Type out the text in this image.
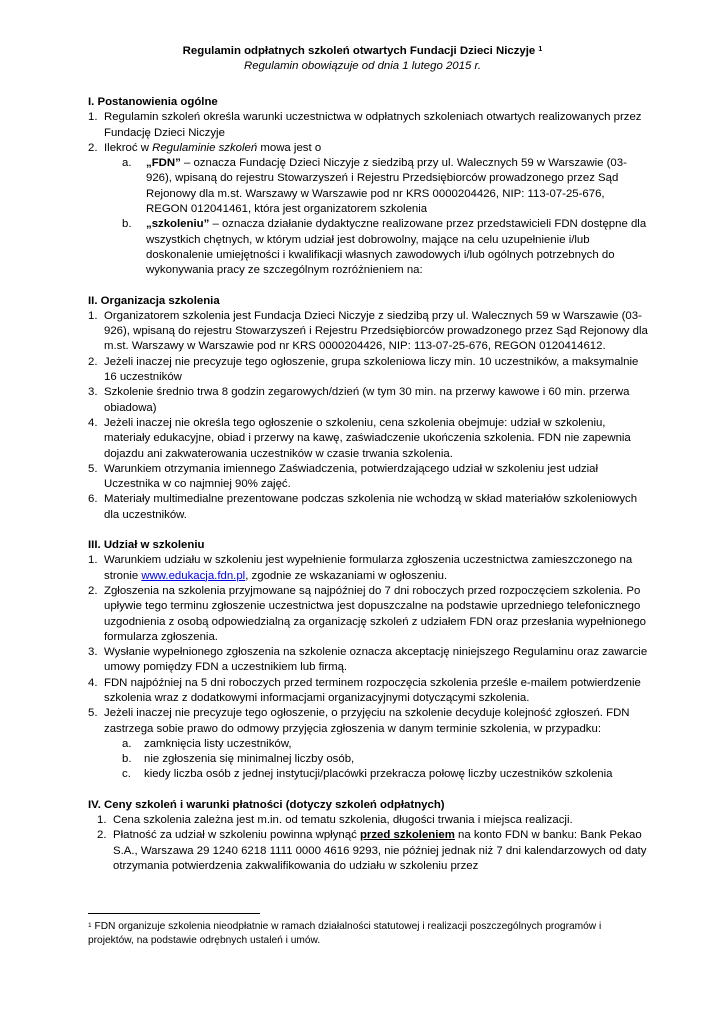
Regulamin odpłatnych szkoleń otwartych Fundacji Dzieci Niczyje $^1$
Regulamin obowiązuje od dnia 1 lutego 2015 r.
I. Postanowienia ogólne
1. Regulamin szkoleń określa warunki uczestnictwa w odpłatnych szkoleniach otwartych realizowanych przez Fundację Dzieci Niczyje
2. Ilekroć w Regulaminie szkoleń mowa jest o
a. „FDN” – oznacza Fundację Dzieci Niczyje z siedzibą przy ul. Walecznych 59 w Warszawie (03-926), wpisaną do rejestru Stowarzyszeń i Rejestru Przedsiębiorców prowadzonego przez Sąd Rejonowy dla m.st. Warszawy w Warszawie pod nr KRS 0000204426, NIP: 113-07-25-676, REGON 012041461, która jest organizatorem szkolenia
b. „szkoleniu” – oznacza działanie dydaktyczne realizowane przez przedstawicieli FDN dostępne dla wszystkich chętnych, w którym udział jest dobrowolny, mające na celu uzupełnienie i/lub doskonalenie umiejętności i kwalifikacji własnych zawodowych i/lub ogólnych potrzebnych do wykonywania pracy ze szczególnym rozróżnieniem na:
II. Organizacja szkolenia
1. Organizatorem szkolenia jest Fundacja Dzieci Niczyje z siedzibą przy ul. Walecznych 59 w Warszawie (03-926), wpisaną do rejestru Stowarzyszeń i Rejestru Przedsiębiorców prowadzonego przez Sąd Rejonowy dla m.st. Warszawy w Warszawie pod nr KRS 0000204426, NIP: 113-07-25-676, REGON 0120414612.
2. Jeżeli inaczej nie precyzuje tego ogłoszenie, grupa szkoleniowa liczy min. 10 uczestników, a maksymalnie 16 uczestników
3. Szkolenie średnio trwa 8 godzin zegarowych/dzień (w tym 30 min. na przerwy kawowe i 60 min. przerwa obiadowa)
4. Jeżeli inaczej nie określa tego ogłoszenie o szkoleniu, cena szkolenia obejmuje: udział w szkoleniu, materiały edukacyjne, obiad i przerwy na kawę, zaświadczenie ukończenia szkolenia. FDN nie zapewnia dojazdu ani zakwaterowania uczestników w czasie trwania szkolenia.
5. Warunkiem otrzymania imiennego Zaświadczenia, potwierdzającego udział w szkoleniu jest udział Uczestnika w co najmniej 90% zajęć.
6. Materiały multimedialne prezentowane podczas szkolenia nie wchodzą w skład materiałów szkoleniowych dla uczestników.
III. Udział w szkoleniu
1. Warunkiem udziału w szkoleniu jest wypełnienie formularza zgłoszenia uczestnictwa zamieszczonego na stronie www.edukacja.fdn.pl, zgodnie ze wskazaniami w ogłoszeniu.
2. Zgłoszenia na szkolenia przyjmowane są najpóźniej do 7 dni roboczych przed rozpoczęciem szkolenia. Po upływie tego terminu zgłoszenie uczestnictwa jest dopuszczalne na podstawie uprzedniego telefonicznego uzgodnienia z osobą odpowiedzialną za organizację szkoleń z udziałem FDN oraz przesłania wypełnionego formularza zgłoszenia.
3. Wysłanie wypełnionego zgłoszenia na szkolenie oznacza akceptację niniejszego Regulaminu oraz zawarcie umowy pomiędzy FDN a uczestnikiem lub firmą.
4. FDN najpóźniej na 5 dni roboczych przed terminem rozpoczęcia szkolenia prześle e-mailem potwierdzenie szkolenia wraz z dodatkowymi informacjami organizacyjnymi dotyczącymi szkolenia.
5. Jeżeli inaczej nie precyzuje tego ogłoszenie, o przyjęciu na szkolenie decyduje kolejność zgłoszeń. FDN zastrzega sobie prawo do odmowy przyjęcia zgłoszenia w danym terminie szkolenia, w przypadku:
a. zamknięcia listy uczestników,
b. nie zgłoszenia się minimalnej liczby osób,
c. kiedy liczba osób z jednej instytucji/placówki przekracza połowę liczby uczestników szkolenia
IV. Ceny szkoleń i warunki płatności (dotyczy szkoleń odpłatnych)
1. Cena szkolenia zależna jest m.in. od tematu szkolenia, długości trwania i miejsca realizacji.
2. Płatność za udział w szkoleniu powinna wpłynąć przed szkoleniem na konto FDN w banku: Bank Pekao S.A., Warszawa 29 1240 6218 1111 0000 4616 9293, nie później jednak niż 7 dni kalendarzowych od daty otrzymania potwierdzenia zakwalifikowania do udziału w szkoleniu przez
$^1$ FDN organizuje szkolenia nieodpłatnie w ramach działalności statutowej i realizacji poszczególnych programów i projektów, na podstawie odrębnych ustaleń i umów.
